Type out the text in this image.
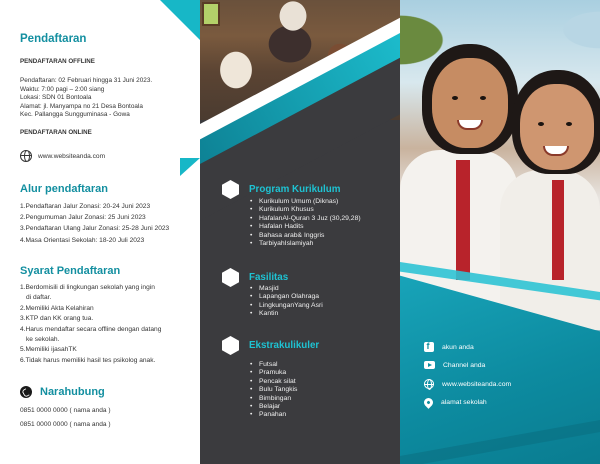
Pendaftaran
PENDAFTARAN OFFLINE
Pendaftaran: 02 Februari hingga 31 Juni 2023.
Waktu: 7:00 pagi – 2:00 siang
Lokasi: SDN 01 Bontoala
Alamat: jl. Manyampa no 21 Desa Bontoala
Kec. Pallangga Sungguminasa - Gowa
PENDAFTARAN ONLINE
www.websiteanda.com
Alur pendaftaran
1.Pendaftaran Jalur Zonasi: 20-24 Juni 2023
2.Pengumuman Jalur Zonasi: 25 Juni 2023
3.Pendaftaran Ulang Jalur Zonasi: 25-28 Juni 2023
4.Masa Orientasi Sekolah: 18-20 Juli 2023
Syarat Pendaftaran
1.Berdomisili di lingkungan sekolah yang ingin
di daftar.
2.Memiliki Akta Kelahiran
3.KTP dan KK orang tua.
4.Harus mendaftar secara offline dengan datang
ke sekolah.
5.Memiliki ijasahTK
6.Tidak harus memiliki hasil tes psikolog anak.
Narahubung
0851 0000 0000 ( nama anda )
0851 0000 0000 ( nama anda )
Program Kurikulum
• Kurikulum Umum (Diknas)
• Kurikulum Khusus
• HafalanAl-Quran 3 Juz (30,29,28)
• Hafalan Hadits
• Bahasa arab& Inggris
• TarbiyahIslamiyah
Fasilitas
• Masjid
• Lapangan Olahraga
• LingkunganYang Asri
• Kantin
Ekstrakulikuler
• Futsal
• Pramuka
• Pencak silat
• Bulu Tangkis
• Bimbingan
• Belajar
• Panahan
f
akun anda
Channel anda
www.websiteanda.com
alamat sekolah
